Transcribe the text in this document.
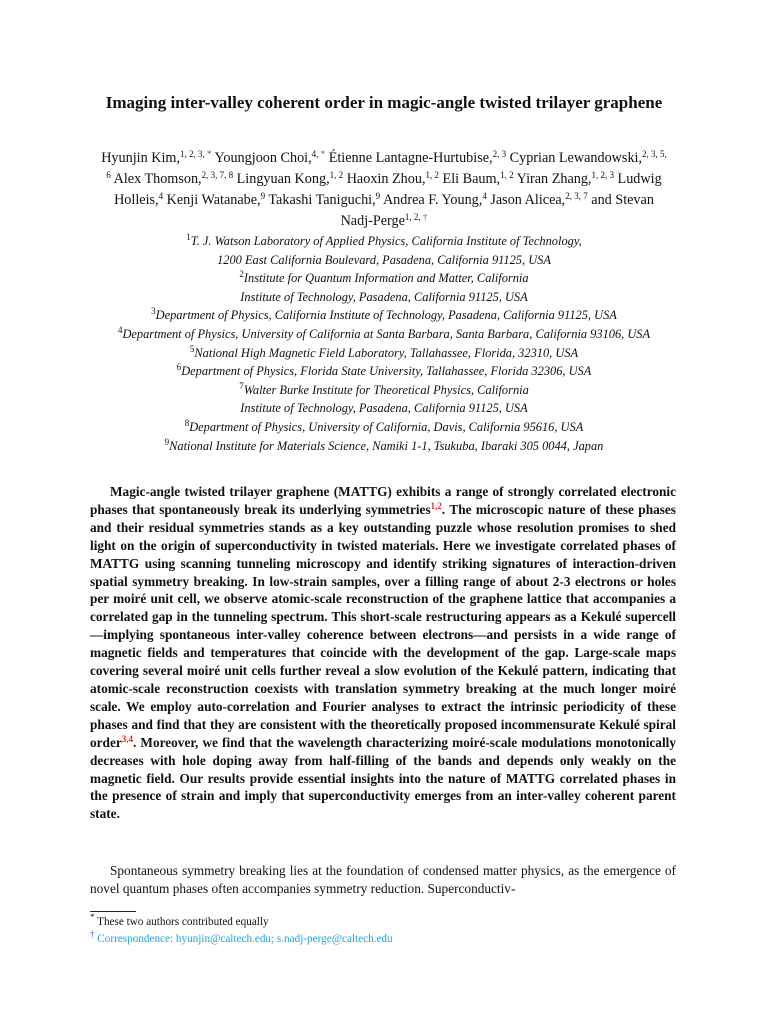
Imaging inter-valley coherent order in magic-angle twisted trilayer graphene
Hyunjin Kim,$^{1, 2, 3,}$ * Youngjoon Choi,$^{4,}$ * Étienne Lantagne-Hurtubise,$^{2, 3}$ Cyprian Lewandowski,$^{2, 3, 5, 6}$ Alex Thomson,$^{2, 3, 7, 8}$ Lingyuan Kong,$^{1, 2}$ Haoxin Zhou,$^{1, 2}$ Eli Baum,$^{1, 2}$ Yiran Zhang,$^{1, 2, 3}$ Ludwig Holleis,$^4$ Kenji Watanabe,$^9$ Takashi Taniguchi,$^9$ Andrea F. Young,$^4$ Jason Alicea,$^{2, 3, 7}$ and Stevan Nadj-Perge$^{1, 2,}$ †
$^1$T. J. Watson Laboratory of Applied Physics, California Institute of Technology,
1200 East California Boulevard, Pasadena, California 91125, USA
$^2$Institute for Quantum Information and Matter, California
Institute of Technology, Pasadena, California 91125, USA
$^3$Department of Physics, California Institute of Technology, Pasadena, California 91125, USA
$^4$Department of Physics, University of California at Santa Barbara, Santa Barbara, California 93106, USA
$^5$National High Magnetic Field Laboratory, Tallahassee, Florida, 32310, USA
$^6$Department of Physics, Florida State University, Tallahassee, Florida 32306, USA
$^7$Walter Burke Institute for Theoretical Physics, California
Institute of Technology, Pasadena, California 91125, USA
$^8$Department of Physics, University of California, Davis, California 95616, USA
$^9$National Institute for Materials Science, Namiki 1-1, Tsukuba, Ibaraki 305 0044, Japan

Magic-angle twisted trilayer graphene (MATTG) exhibits a range of strongly correlated electronic phases that spontaneously break its underlying symmetries$^{1,2}$. The microscopic nature of these phases and their residual symmetries stands as a key outstanding puzzle whose resolution promises to shed light on the origin of superconductivity in twisted materials. Here we investigate correlated phases of MATTG using scanning tunneling microscopy and identify striking signatures of interaction-driven spatial symmetry breaking. In low-strain samples, over a filling range of about 2-3 electrons or holes per moiré unit cell, we observe atomic-scale reconstruction of the graphene lattice that accompanies a correlated gap in the tunneling spectrum. This short-scale restructuring appears as a Kekulé supercell—implying spontaneous inter-valley coherence between electrons—and persists in a wide range of magnetic fields and temperatures that coincide with the development of the gap. Large-scale maps covering several moiré unit cells further reveal a slow evolution of the Kekulé pattern, indicating that atomic-scale reconstruction coexists with translation symmetry breaking at the much longer moiré scale. We employ auto-correlation and Fourier analyses to extract the intrinsic periodicity of these phases and find that they are consistent with the theoretically proposed incommensurate Kekulé spiral order$^{3,4}$. Moreover, we find that the wavelength characterizing moiré-scale modulations monotonically decreases with hole doping away from half-filling of the bands and depends only weakly on the magnetic field. Our results provide essential insights into the nature of MATTG correlated phases in the presence of strain and imply that superconductivity emerges from an inter-valley coherent parent state.

Spontaneous symmetry breaking lies at the foundation of condensed matter physics, as the emergence of novel quantum phases often accompanies symmetry reduction. Superconductiv-

* These two authors contributed equally
† Correspondence: hyunjin@caltech.edu; s.nadj-perge@caltech.edu
